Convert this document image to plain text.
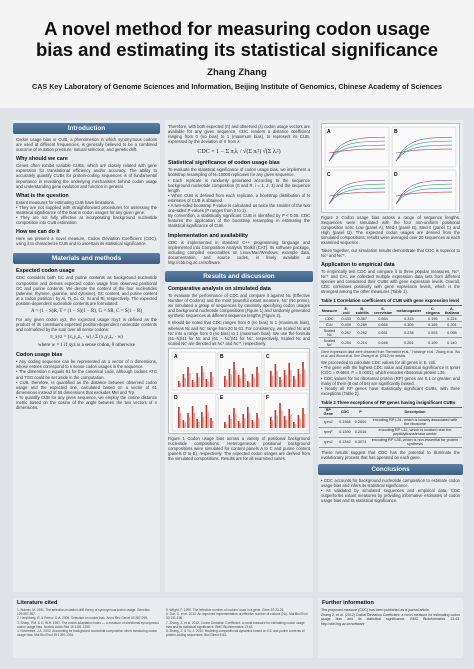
A novel method for measuring codon usage
bias and estimating its statistical significance
Zhang Zhang
CAS Key Laboratory of Genome Sciences and Information, Beijing Institute of Genomics, Chinese Academy of Sciences
Introduction
Codon usage bias or CUB, a phenomenon in which synonymous codons are used at different frequencies, is generally believed to be a combined outcome of mutation pressure, natural selection, and genetic drift.
Why should we care
Genes often exhibit variable CUBs, which are closely related with gene expression for translational efficiency and/or accuracy. The ability to accurately quantify CUBs for protein-coding sequences is of fundamental importance in revealing the underlying mechanisms behind codon usage and understanding gene evolution and function in general.
What is the question
Extant measures for estimating CUB have limitations.
• They are not supplied with straightforward procedures for assessing the statistical significance of the bias in codon usages for any given gene.
• They are not fully effective at incorporating background nucleotide composition into CUB estimation.
How we can do it
Here we present a novel measure, Codon Deviation Coefficient (CDC), using it to characterize CUB and to ascertain its statistical significance.
Materials and methods
Expected codon usage
CDC considers both GC and purine contents as background nucleotide composition and derives expected codon usage from observed positional GC and purine contents. We denote the content of the four nucleotides (adenine, thymine, guanine, and cytosine), GC content, and purine content at a codon position i by Ai, Ti, Gi, Ci, Si and Ri, respectively. The expected position-dependent nucleotide contents are formulated:
A = (1 − S)R, T = (1 − S)(1 − R), G = SR, C = S(1 − R)
For any given codon xyz, the expected usage πxyz is defined as the product of its constituent expected position-dependent nucleotide contents and normalized by the sum over all sense codons:
π_xyz = (x₁y₂z₃ · w) / Σ (x₁y₂z₃ · w)
where w = 1 if xyz is a sense codon, 0 otherwise
Codon usage bias
• Any coding sequence can be represented as a vector of n dimensions, whose entries correspond to n sense codon usages in the sequence.
• The dimension n equals 61 for the canonical code, although codons ATG and TGG could be set aside in the computation.
• CUB, therefore, is quantified as the distance between observed codon usage and the expected one, calculated based on a vector of 61 dimensions instead of 59 dimensions that excludes Met and Trp.
• To quantify CUB for any given sequence, we employ the cosine distance metric based on the cosine of the angle between the two vectors of n dimensions.
Therefore, with both expected (π) and observed (λ) codon usage vectors are available for any given sequence, CDC renders a distance coefficient ranging from 0 (no bias) to 1 (maximum bias), to represent its CUB, expressed by the deviation of π from λ:
CDC = 1 − Σ πᵢλᵢ / √(Σ πᵢ²) √(Σ λᵢ²)
Statistical significance of codon usage bias
To evaluate the statistical significance of codon usage bias, we implement a bootstrap resampling of N=10000 replicates for any given sequence.
• Each replicate is randomly generated according to the sequence background nucleotide composition (S and R, i = 1, 2, 3) and the sequence length.
• When CUB is derived from each replicate, a bootstrap distribution of N estimates of CUB is obtained.
• A two-sided bootstrap P-value is calculated as twice the smaller of the two one-sided P-values (P ranges from 0 to 1).
By convention, a statistically significant CUB is identified by P < 0.05. CDC features the application of the bootstrap resampling in estimating the statistical significance of CUB.
Implementation and availability
CDC is implemented in standard C++ programming language and implemented into Composition Analysis Toolkit (CAT). Its software package, including compiled executables on Linux/Mac/Windows, example data, documentation, and source codes, is freely available at http://cbb.big.ac.cn/software.
Results and discussion
Comparative analysis on simulated data
To evaluate the performance of CDC and compare it against Nc (Effective Number of Codons) and the most powerful extant measure, Nc' (Nc prime), we simulated a group of sequences by randomly specifying codon usages and background nucleotide compositions (Figure 1) and randomly generated synthetic sequences at different sequence lengths (Figure 2).
It should be noted that CDC ranges from 0 (no bias) to 1 (maximum bias), whereas Nc and Nc' range from 20 to 61. For consistency, we scaled Nc and Nc' into a range from 0 (no bias) to 1 (maximum bias). We use the formula (61−N)/41 for Nc and (61 − Nc')/41 for Nc', respectively. Scaled Nc and scaled Nc' are denoted as Nc* and Nc'*, respectively.
A	B	C
D	E	F
Figure 1 Codon usage bias across a variety of positional background nucleotide compositions. Heterogeneous positional background compositions were simulated for content panels A to C and purine content (panels D to E), respectively. The expected codon usages are derived from the simulated compositions. Results are for all examined cases.
A	B
C	D
Figure 2 Codon usage bias across a range of sequence lengths. Sequences were simulated with the four non-uniform positional composition sets: Low (panel A), Med-I (panel B), Med-II (panel C) and High (panel D). The expected codon usages are derived from the simulated compositions; results were averaged over 20 sequences at each examined sequence.
Taken together, our simulation results demonstrate that CDC is superior to Nc* and Nc'*.
Application to empirical data
To empirically test CDC and compare it to three popular measures, Nc*, Nc'* and CAI, we collected multiple expression data sets from different species and considered their CUBs with gene expression levels. Overall, CDC correlates positively with gene expression levels, which is the strongest among the other measures (Table 1).
Table 1 Correlation coefficients of CUB with gene expression level
Measure	E. coli	B. subtilis	S. cerevisiae	melanogaster	C. elegans	A. thaliana
CDC	0.433	0.367	0.664	0.315	0.196	0.224
CAI	0.405	0.289	0.666	0.305	0.165	0.201
Scaled Nc	0.257	0.252	0.651	0.238	0.093	0.098
Scaled Nc'	0.254	0.214	0.648	0.261	0.109	0.140
Gene expression data were obtained from "Bernstein et al.," Holstege et al., Zhang et al. Wu et al. and Wood et al. See Zhang et al. (2012) for details.
We proceeded to calculate CDC values for all genes in E. coli.
• The gene with the highest CDC value and statistical significance is rpmH (CDC = 0.4864, P = 0.0001), which encodes ribosomal protein L36.
• CDC values for 54 ribosomal protein (RP) genes are 0.1 or greater, and many of them (8 out of 54) are significantly biased.
• Nearly all RP genes have statistically significant CUBs, with three exceptions (Table 2).
Table 2 Three exceptions of RP genes having insignificant CUBs
RP Gene	CDC	P	Description
rpmJ	0.1366	0.2800	encoding RP L31, which is loosely associated with the ribosome
rpmF	0.1390	0.2016	encoding RP L32, which is located near the peptidyltransferase center
rpmJ	0.1342	0.3074	encoding RP L36, which is non-essential for protein synthesis
These results suggest that CDC has the potential to illuminate the evolutionary process that has operated on each gene.
Conclusions
• CDC accounts for background nucleotide composition to estimate codon usage bias and infers its statistical significance.
• As validated by simulated sequences and empirical data, CDC outperforms extant measures by providing informative estimates of codon usage bias and its statistical significance.
Literature cited
1. Bulmer, M. 1991. The selection-mutation-drift theory of synonymous codon usage. Genetics 129:897-907.
2. Hershberg, R. & Petrov, D.A. 2008. Selection on codon bias. Annu Rev Genet 42:287-299.
3. Sharp, P.M. & Li, W.H. 1987. The codon adaptation index — a measure of directional synonymous codon usage bias. Nucleic Acids Res 15:1281-1295.
4. Novembre, J.A. 2002. Accounting for background nucleotide composition when measuring codon usage bias. Mol Biol Evol 19:1390-1394.
5. Wright, F. 1990. The 'effective number of codons' used in a gene. Gene 87:23-29.
6. Sun, X. et al. 2013. An improved implementation of effective number of codons (Nc). Mol Biol Evol 30:191-196.
7. Zhang, Z. et al. 2012. Codon Deviation Coefficient: a novel measure for estimating codon usage bias and its statistical significance. BMC Bioinformatics 13:43.
8. Zhang, Z. & Yu, J. 2010. Modeling compositional dynamics based on GC and purine contents of protein-coding sequences. Biol Direct 5:63.
Further information
The proposed measure (CDC) has been published as a journal article.
Zhang Z, et al. (2012) Codon Deviation Coefficient: a novel measure for estimating codon usage bias and its statistical significance. BMC Bioinformatics 13:43. http://cbb.big.ac.cn/software
